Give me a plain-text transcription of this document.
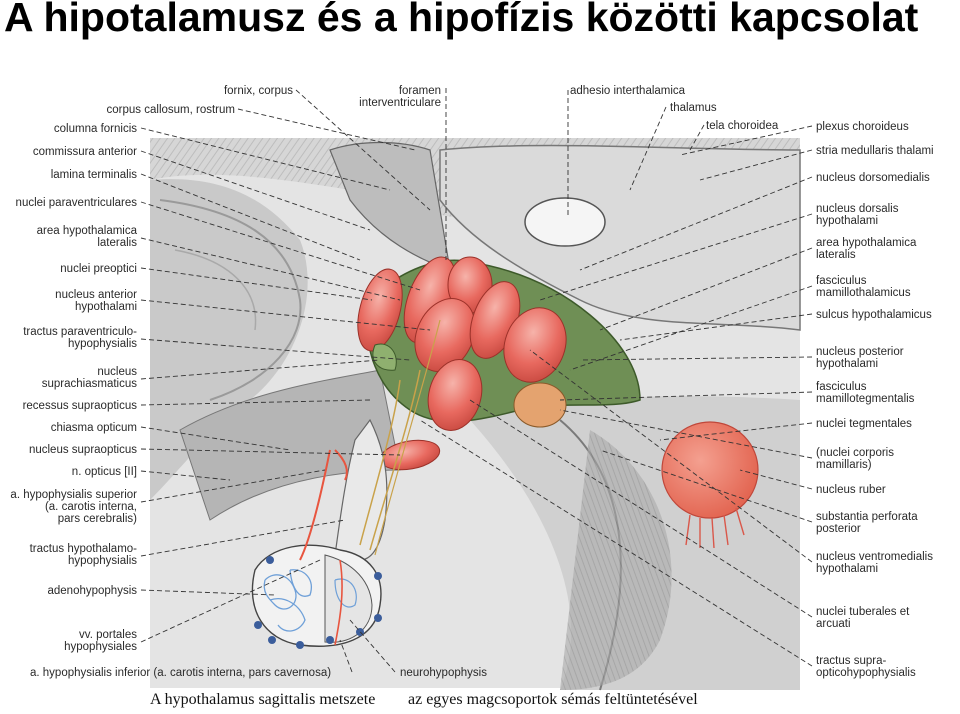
A hipotalamusz és a hipofízis közötti kapcsolat
columna fornicis
commissura anterior
lamina terminalis
nuclei paraventriculares
area hypothalamica
lateralis
nuclei preoptici
nucleus anterior
hypothalami
tractus paraventriculo-
hypophysialis
nucleus
suprachiasmaticus
recessus supraopticus
chiasma opticum
nucleus supraopticus
n. opticus [II]
a. hypophysialis superior
(a. carotis interna,
pars cerebralis)
tractus hypothalamo-
hypophysialis
adenohypophysis
vv. portales
hypophysiales
a. hypophysialis inferior (a. carotis interna, pars cavernosa)
fornix, corpus
corpus callosum, rostrum
foramen
interventriculare
adhesio interthalamica
thalamus
tela choroidea	plexus choroideus
stria medullaris thalami
nucleus dorsomedialis
nucleus dorsalis
hypothalami
area hypothalamica
lateralis
fasciculus
mamillothalamicus
sulcus hypothalamicus
nucleus posterior
hypothalami
fasciculus
mamillotegmentalis
nuclei tegmentales
(nuclei corporis
mamillaris)
nucleus ruber
substantia perforata
posterior
nucleus ventromedialis
hypothalami
nuclei tuberales et
arcuati
tractus supra-
opticohypophysialis
neurohypophysis
A hypothalamus sagittalis metszete az egyes magcsoportok sémás feltüntetésével
